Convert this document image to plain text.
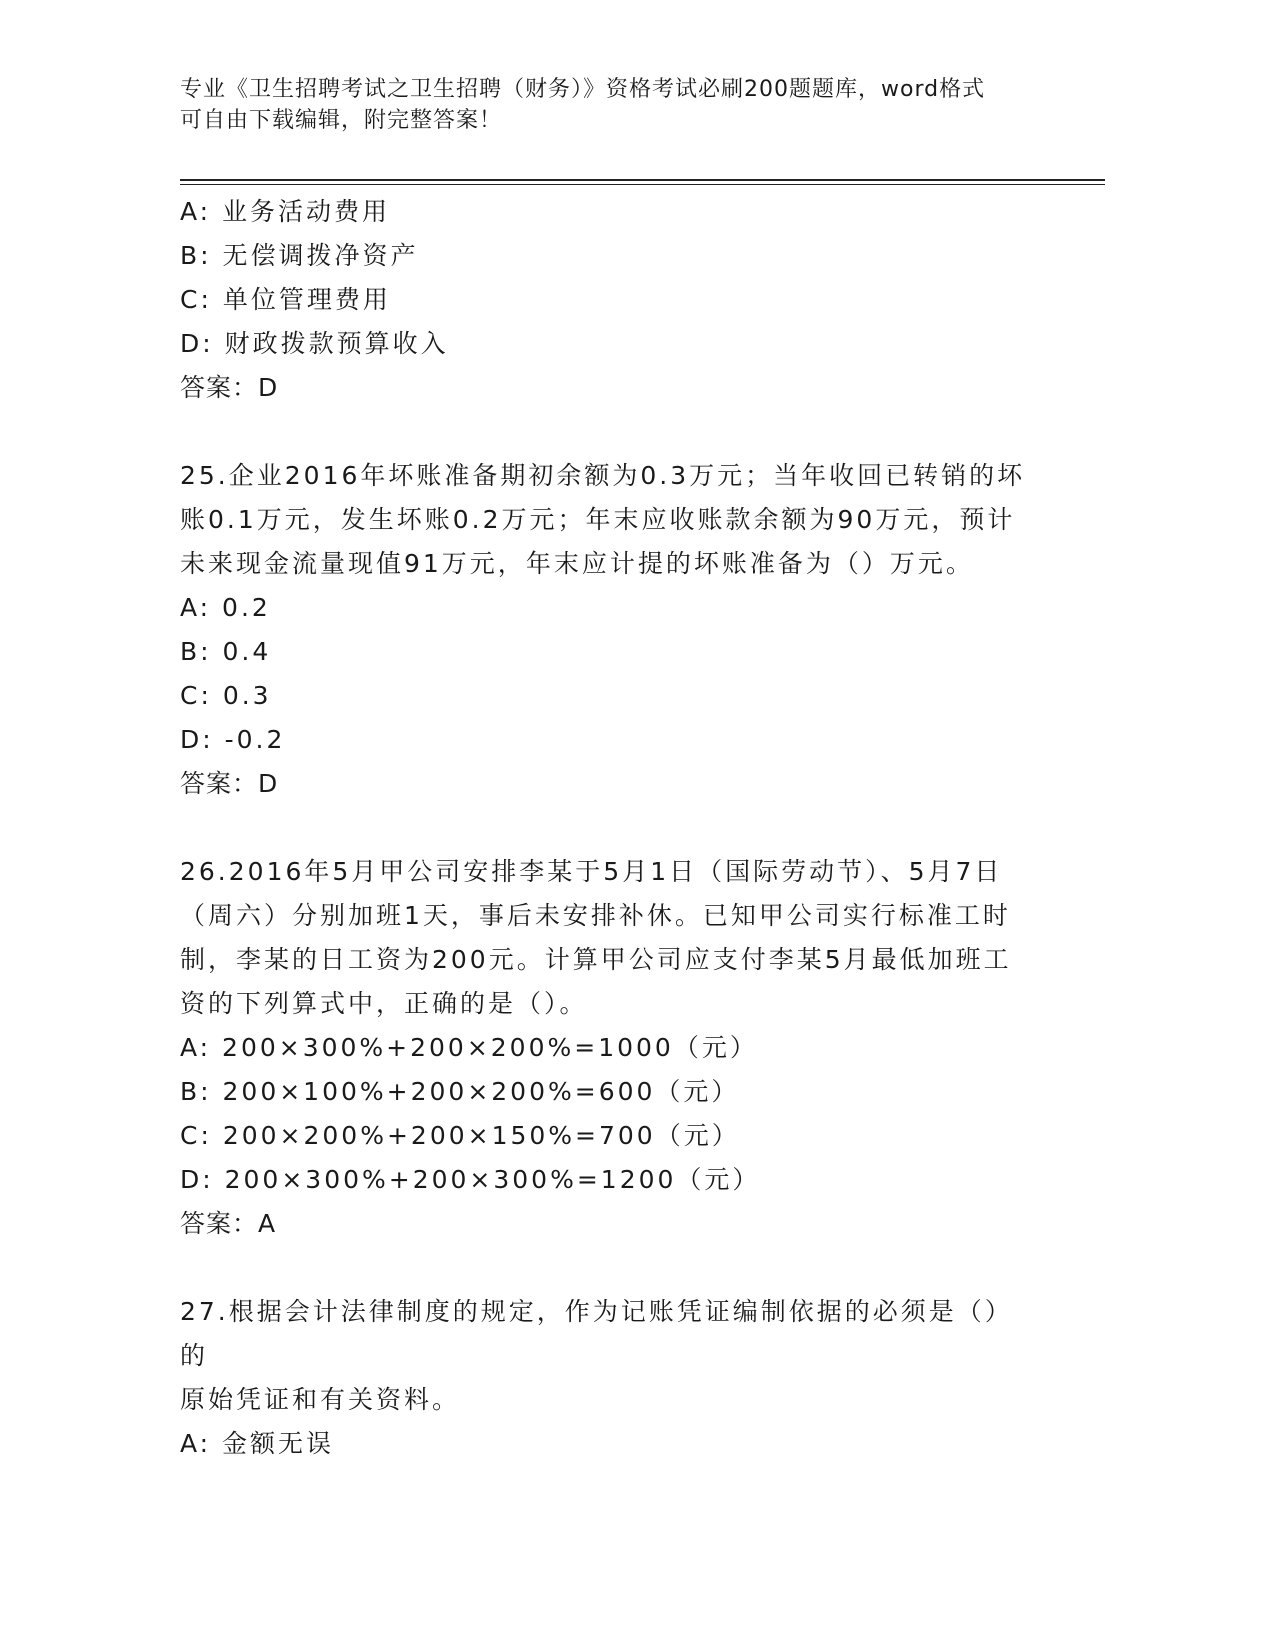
专业《卫生招聘考试之卫生招聘（财务）》资格考试必刷200题题库，word格式
可自由下载编辑，附完整答案！
A: 业务活动费用
B: 无偿调拨净资产
C: 单位管理费用
D: 财政拨款预算收入
答案：D
25.企业2016年坏账准备期初余额为0.3万元；当年收回已转销的坏
账0.1万元，发生坏账0.2万元；年末应收账款余额为90万元，预计
未来现金流量现值91万元，年末应计提的坏账准备为（）万元。
A: 0.2
B: 0.4
C: 0.3
D: -0.2
答案：D
26.2016年5月甲公司安排李某于5月1日（国际劳动节）、5月7日
（周六）分别加班1天，事后未安排补休。已知甲公司实行标准工时
制，李某的日工资为200元。计算甲公司应支付李某5月最低加班工
资的下列算式中，正确的是（）。
A: 200×300%+200×200%=1000（元）
B: 200×100%+200×200%=600（元）
C: 200×200%+200×150%=700（元）
D: 200×300%+200×300%=1200（元）
答案：A
27.根据会计法律制度的规定，作为记账凭证编制依据的必须是（）的
原始凭证和有关资料。
A: 金额无误
